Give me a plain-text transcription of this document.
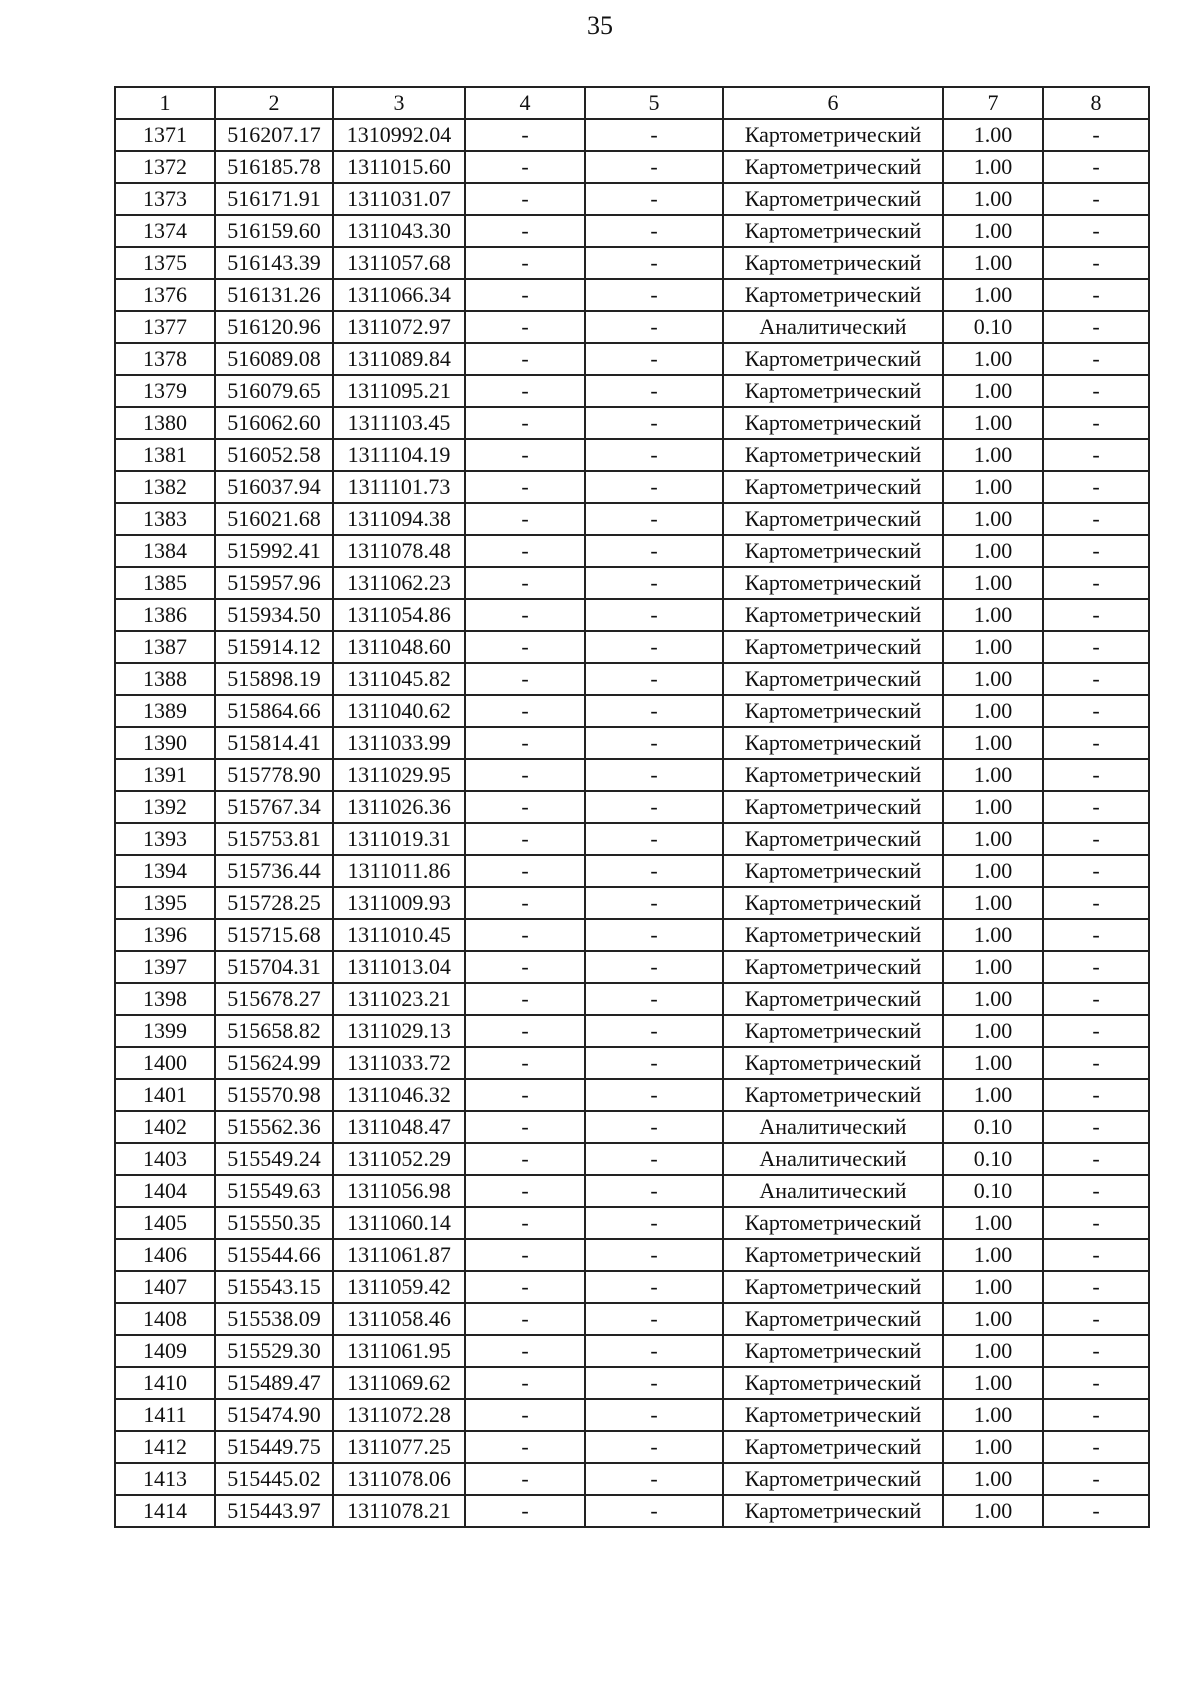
35
1	2	3	4	5	6	7	8
1371	516207.17	1310992.04	-	-	Картометрический	1.00	-
1372	516185.78	1311015.60	-	-	Картометрический	1.00	-
1373	516171.91	1311031.07	-	-	Картометрический	1.00	-
1374	516159.60	1311043.30	-	-	Картометрический	1.00	-
1375	516143.39	1311057.68	-	-	Картометрический	1.00	-
1376	516131.26	1311066.34	-	-	Картометрический	1.00	-
1377	516120.96	1311072.97	-	-	Аналитический	0.10	-
1378	516089.08	1311089.84	-	-	Картометрический	1.00	-
1379	516079.65	1311095.21	-	-	Картометрический	1.00	-
1380	516062.60	1311103.45	-	-	Картометрический	1.00	-
1381	516052.58	1311104.19	-	-	Картометрический	1.00	-
1382	516037.94	1311101.73	-	-	Картометрический	1.00	-
1383	516021.68	1311094.38	-	-	Картометрический	1.00	-
1384	515992.41	1311078.48	-	-	Картометрический	1.00	-
1385	515957.96	1311062.23	-	-	Картометрический	1.00	-
1386	515934.50	1311054.86	-	-	Картометрический	1.00	-
1387	515914.12	1311048.60	-	-	Картометрический	1.00	-
1388	515898.19	1311045.82	-	-	Картометрический	1.00	-
1389	515864.66	1311040.62	-	-	Картометрический	1.00	-
1390	515814.41	1311033.99	-	-	Картометрический	1.00	-
1391	515778.90	1311029.95	-	-	Картометрический	1.00	-
1392	515767.34	1311026.36	-	-	Картометрический	1.00	-
1393	515753.81	1311019.31	-	-	Картометрический	1.00	-
1394	515736.44	1311011.86	-	-	Картометрический	1.00	-
1395	515728.25	1311009.93	-	-	Картометрический	1.00	-
1396	515715.68	1311010.45	-	-	Картометрический	1.00	-
1397	515704.31	1311013.04	-	-	Картометрический	1.00	-
1398	515678.27	1311023.21	-	-	Картометрический	1.00	-
1399	515658.82	1311029.13	-	-	Картометрический	1.00	-
1400	515624.99	1311033.72	-	-	Картометрический	1.00	-
1401	515570.98	1311046.32	-	-	Картометрический	1.00	-
1402	515562.36	1311048.47	-	-	Аналитический	0.10	-
1403	515549.24	1311052.29	-	-	Аналитический	0.10	-
1404	515549.63	1311056.98	-	-	Аналитический	0.10	-
1405	515550.35	1311060.14	-	-	Картометрический	1.00	-
1406	515544.66	1311061.87	-	-	Картометрический	1.00	-
1407	515543.15	1311059.42	-	-	Картометрический	1.00	-
1408	515538.09	1311058.46	-	-	Картометрический	1.00	-
1409	515529.30	1311061.95	-	-	Картометрический	1.00	-
1410	515489.47	1311069.62	-	-	Картометрический	1.00	-
1411	515474.90	1311072.28	-	-	Картометрический	1.00	-
1412	515449.75	1311077.25	-	-	Картометрический	1.00	-
1413	515445.02	1311078.06	-	-	Картометрический	1.00	-
1414	515443.97	1311078.21	-	-	Картометрический	1.00	-
